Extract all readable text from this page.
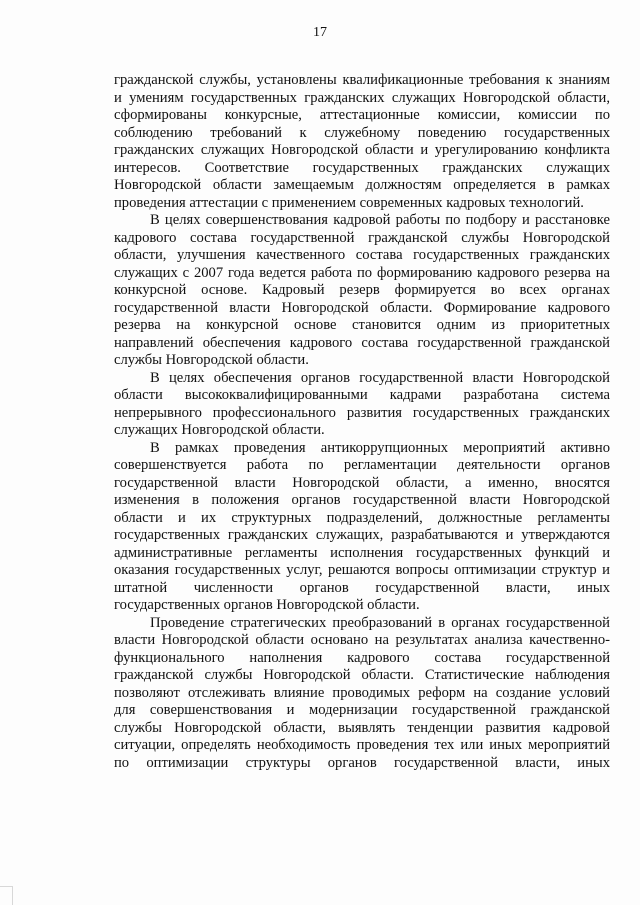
17
гражданской службы, установлены квалификационные требования к знаниям
и умениям государственных гражданских служащих Новгородской области,
сформированы конкурсные, аттестационные комиссии, комиссии по
соблюдению требований к служебному поведению государственных
гражданских служащих Новгородской области и урегулированию конфликта
интересов. Соответствие государственных гражданских служащих
Новгородской области замещаемым должностям определяется в рамках
проведения аттестации с применением современных кадровых технологий.
В целях совершенствования кадровой работы по подбору и расстановке
кадрового состава государственной гражданской службы Новгородской
области, улучшения качественного состава государственных гражданских
служащих с 2007 года ведется работа по формированию кадрового резерва на
конкурсной основе. Кадровый резерв формируется во всех органах
государственной власти Новгородской области. Формирование кадрового
резерва на конкурсной основе становится одним из приоритетных
направлений обеспечения кадрового состава государственной гражданской
службы Новгородской области.
В целях обеспечения органов государственной власти Новгородской
области высококвалифицированными кадрами разработана система
непрерывного профессионального развития государственных гражданских
служащих Новгородской области.
В рамках проведения антикоррупционных мероприятий активно
совершенствуется работа по регламентации деятельности органов
государственной власти Новгородской области, а именно, вносятся
изменения в положения органов государственной власти Новгородской
области и их структурных подразделений, должностные регламенты
государственных гражданских служащих, разрабатываются и утверждаются
административные регламенты исполнения государственных функций и
оказания государственных услуг, решаются вопросы оптимизации структур и
штатной численности органов государственной власти, иных
государственных органов Новгородской области.
Проведение стратегических преобразований в органах государственной
власти Новгородской области основано на результатах анализа качественно-
функционального наполнения кадрового состава государственной
гражданской службы Новгородской области. Статистические наблюдения
позволяют отслеживать влияние проводимых реформ на создание условий
для совершенствования и модернизации государственной гражданской
службы Новгородской области, выявлять тенденции развития кадровой
ситуации, определять необходимость проведения тех или иных мероприятий
по оптимизации структуры органов государственной власти, иных
